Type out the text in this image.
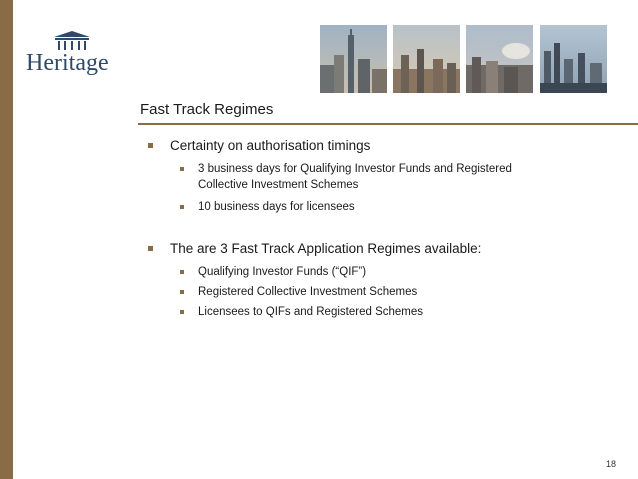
Heritage
Fast Track Regimes
Certainty on authorisation timings
3 business days for Qualifying Investor Funds and Registered
Collective Investment Schemes
10 business days for licensees
The are 3 Fast Track Application Regimes available:
Qualifying Investor Funds (“QIF”)
Registered Collective Investment Schemes
Licensees to QIFs and Registered Schemes
18
